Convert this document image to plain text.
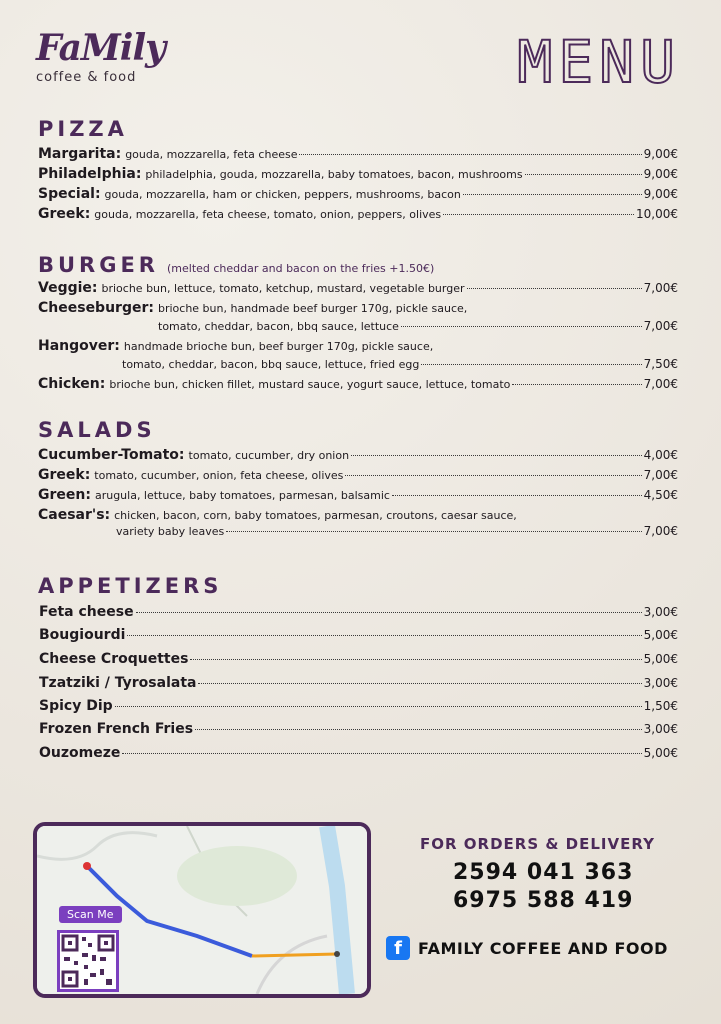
FaMily
coffee & food	MENU
PIZZA
Margarita: gouda, mozzarella, feta cheese	9,00€
Philadelphia: philadelphia, gouda, mozzarella, baby tomatoes, bacon, mushrooms	9,00€
Special: gouda, mozzarella, ham or chicken, peppers, mushrooms, bacon	9,00€
Greek: gouda, mozzarella, feta cheese, tomato, onion, peppers, olives	10,00€
BURGER (melted cheddar and bacon on the fries +1.50€)
Veggie: brioche bun, lettuce, tomato, ketchup, mustard, vegetable burger	7,00€
Cheeseburger: brioche bun, handmade beef burger 170g, pickle sauce,
tomato, cheddar, bacon, bbq sauce, lettuce	7,00€
Hangover: handmade brioche bun, beef burger 170g, pickle sauce,
tomato, cheddar, bacon, bbq sauce, lettuce, fried egg	7,50€
Chicken: brioche bun, chicken fillet, mustard sauce, yogurt sauce, lettuce, tomato	7,00€
SALADS
Cucumber-Tomato: tomato, cucumber, dry onion	4,00€
Greek: tomato, cucumber, onion, feta cheese, olives	7,00€
Green: arugula, lettuce, baby tomatoes, parmesan, balsamic	4,50€
Caesar's: chicken, bacon, corn, baby tomatoes, parmesan, croutons, caesar sauce,
variety baby leaves	7,00€
APPETIZERS
Feta cheese	3,00€
Bougiourdi	5,00€
Cheese Croquettes	5,00€
Tzatziki / Tyrosalata	3,00€
Spicy Dip	1,50€
Frozen French Fries	3,00€
Ouzomeze	5,00€
Scan Me
FOR ORDERS & DELIVERY
2594 041 363
6975 588 419
f	FAMILY COFFEE AND FOOD
